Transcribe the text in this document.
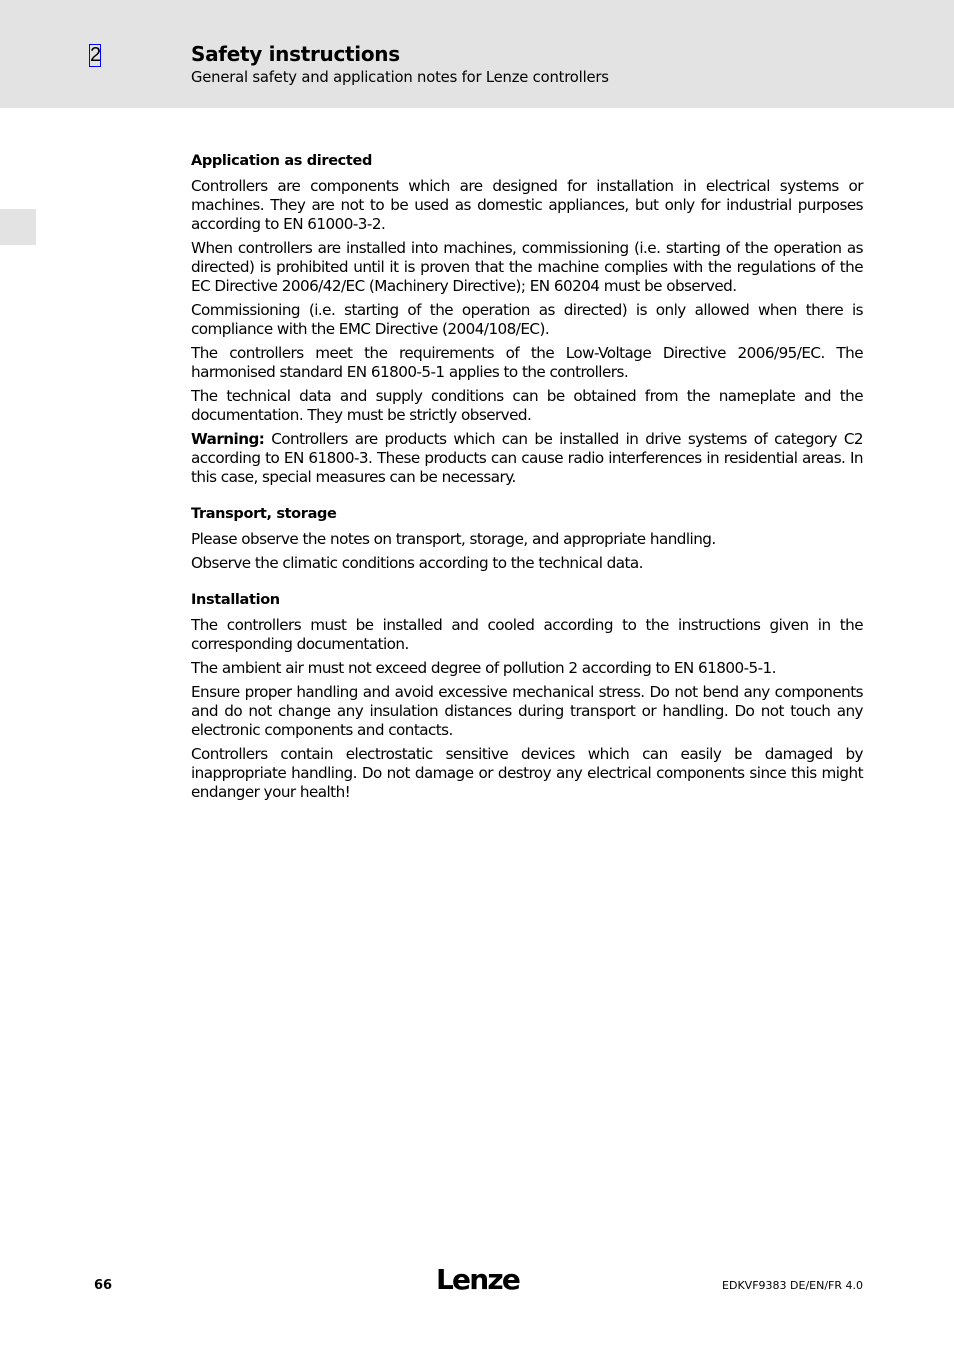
2	Safety instructions
General safety and application notes for Lenze controllers
Application as directed

Controllers are components which are designed for installation in electrical systems or machines. They are not to be used as domestic appliances, but only for industrial purposes according to EN 61000-3-2.

When controllers are installed into machines, commissioning (i.e. starting of the operation as directed) is prohibited until it is proven that the machine complies with the regulations of the EC Directive 2006/42/EC (Machinery Directive); EN 60204 must be observed.

Commissioning (i.e. starting of the operation as directed) is only allowed when there is compliance with the EMC Directive (2004/108/EC).

The controllers meet the requirements of the Low-Voltage Directive 2006/95/EC. The harmonised standard EN 61800-5-1 applies to the controllers.

The technical data and supply conditions can be obtained from the nameplate and the documentation. They must be strictly observed.

Warning: Controllers are products which can be installed in drive systems of category C2 according to EN 61800-3. These products can cause radio interferences in residential areas. In this case, special measures can be necessary.

Transport, storage

Please observe the notes on transport, storage, and appropriate handling.

Observe the climatic conditions according to the technical data.

Installation

The controllers must be installed and cooled according to the instructions given in the corresponding documentation.

The ambient air must not exceed degree of pollution 2 according to EN 61800-5-1.

Ensure proper handling and avoid excessive mechanical stress. Do not bend any components and do not change any insulation distances during transport or handling. Do not touch any electronic components and contacts.

Controllers contain electrostatic sensitive devices which can easily be damaged by inappropriate handling. Do not damage or destroy any electrical components since this might endanger your health!

66	Lenze	EDKVF9383 DE/EN/FR 4.0
